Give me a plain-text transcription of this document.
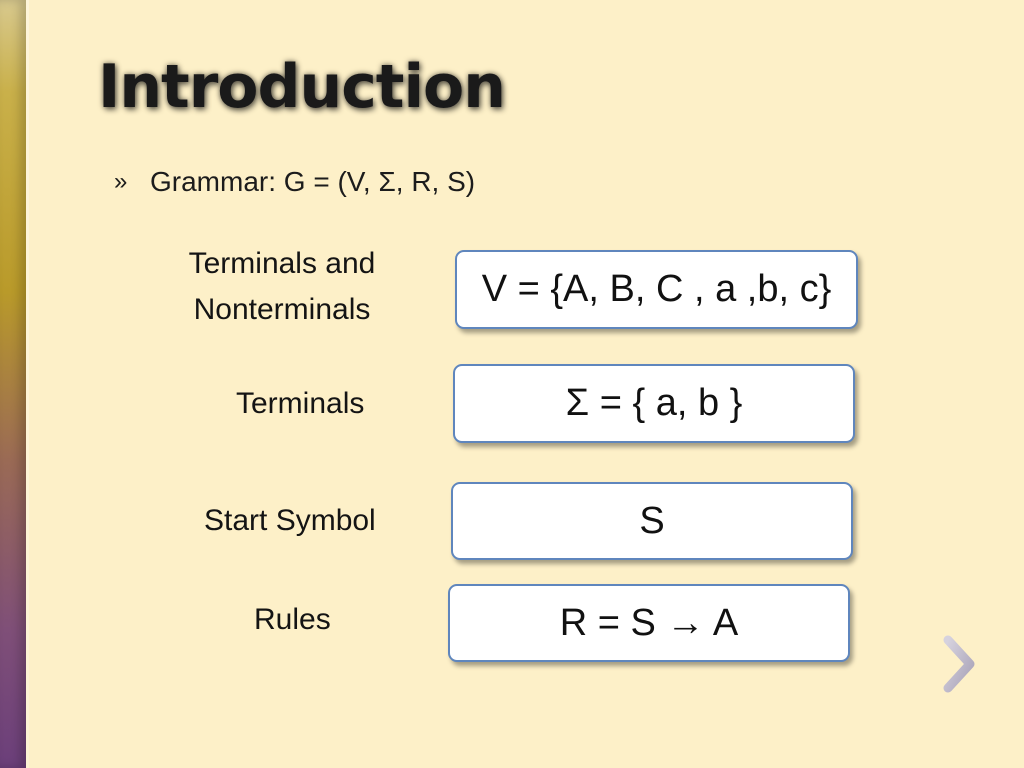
Introduction
» Grammar: G = (V, Σ, R, S)
Terminals and
Nonterminals	V = {A, B, C , a ,b, c}
Terminals	Σ = { a, b }
Start Symbol	S
Rules	R = S → A
